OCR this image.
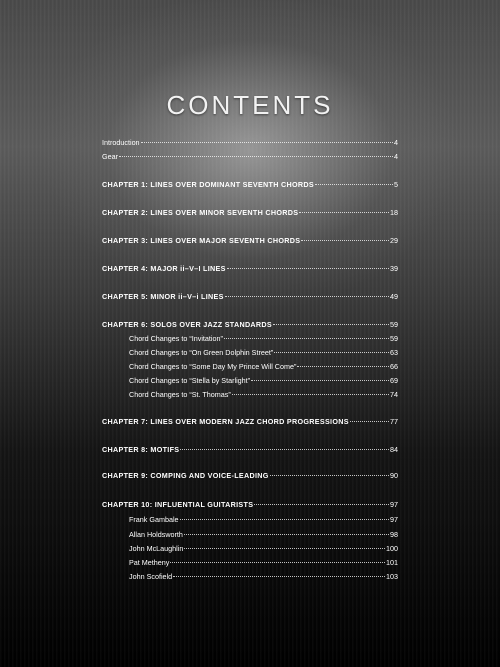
CONTENTS
Introduction	4
Gear	4
CHAPTER 1: LINES OVER DOMINANT SEVENTH CHORDS	5
CHAPTER 2: LINES OVER MINOR SEVENTH CHORDS	18
CHAPTER 3: LINES OVER MAJOR SEVENTH CHORDS	29
CHAPTER 4: MAJOR ii–V–I LINES	39
CHAPTER 5: MINOR ii–V–i LINES	49
CHAPTER 6: SOLOS OVER JAZZ STANDARDS	59
Chord Changes to “Invitation”	59
Chord Changes to “On Green Dolphin Street”	63
Chord Changes to “Some Day My Prince Will Come”	66
Chord Changes to “Stella by Starlight”	69
Chord Changes to “St. Thomas”	74
CHAPTER 7: LINES OVER MODERN JAZZ CHORD PROGRESSIONS	77
CHAPTER 8: MOTIFS	84
CHAPTER 9: COMPING AND VOICE-LEADING	90
CHAPTER 10: INFLUENTIAL GUITARISTS	97
Frank Gambale	97
Allan Holdsworth	98
John McLaughlin	100
Pat Metheny	101
John Scofield	103
